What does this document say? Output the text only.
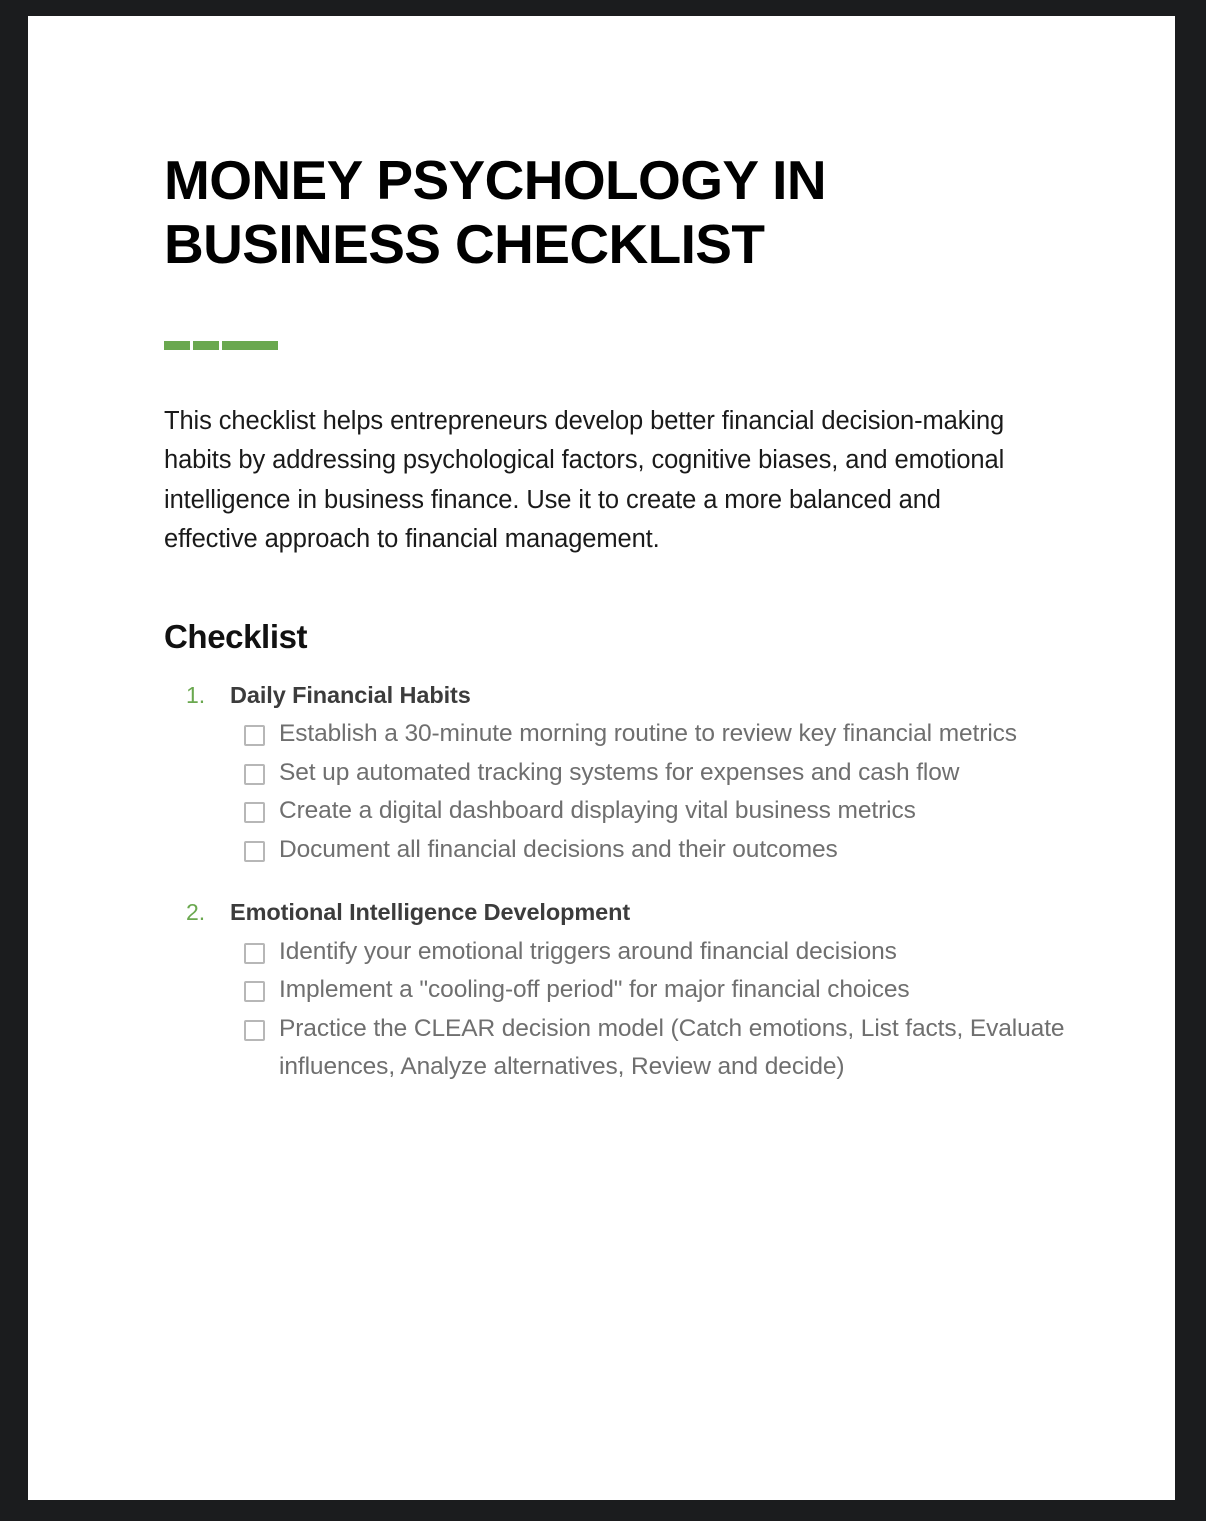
MONEY PSYCHOLOGY IN BUSINESS CHECKLIST

This checklist helps entrepreneurs develop better financial decision-making habits by addressing psychological factors, cognitive biases, and emotional intelligence in business finance. Use it to create a more balanced and effective approach to financial management.

Checklist
1.	Daily Financial Habits
Establish a 30-minute morning routine to review key financial metrics
Set up automated tracking systems for expenses and cash flow
Create a digital dashboard displaying vital business metrics
Document all financial decisions and their outcomes
2.	Emotional Intelligence Development
Identify your emotional triggers around financial decisions
Implement a "cooling-off period" for major financial choices
Practice the CLEAR decision model (Catch emotions, List facts, Evaluate influences, Analyze alternatives, Review and decide)
